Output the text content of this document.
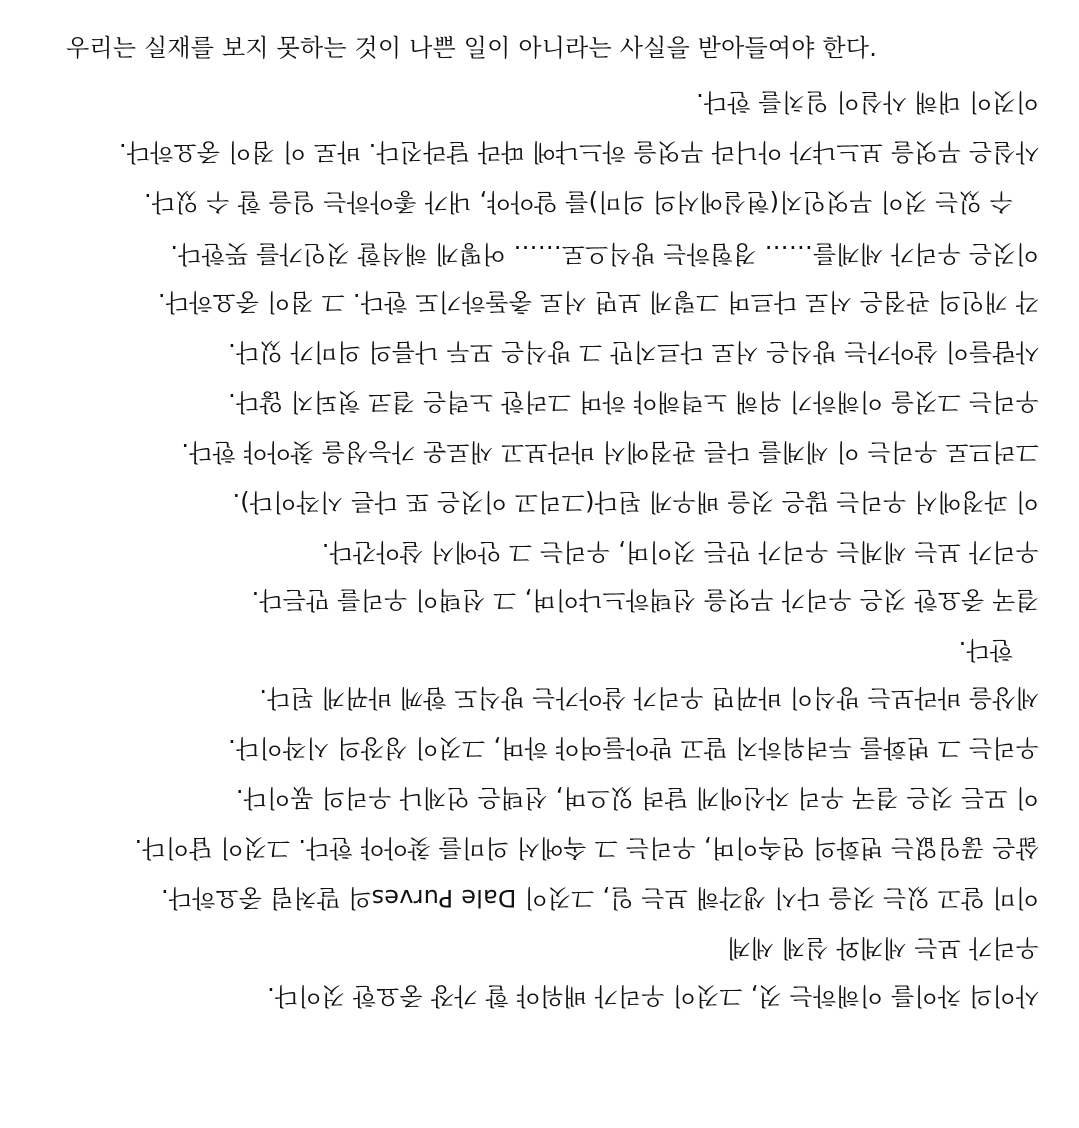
우리는 실재를 보지 못하는 것이 나쁜 일이 아니라는 사실을 받아들여야 한다.
이것이 대해 사실이 일치를 한다.
사실은 무엇을 보느냐가 아니라 무엇을 하느냐에 따라 달라진다. 바로 이 점이 중요하다.
수 있는 것이 무엇인지(현실에서의 의미)를 알아야, 내가 좋아하는 일을 할 수 있다.
이것은 우리가 세계를…… 경험하는 방식으로…… 어떻게 해석할 것인가를 뜻한다.
각 개인의 관점은 서로 다르며 그렇게 보면 서로 충돌하기도 한다. 그 점이 중요하다.
사람들이 살아가는 방식은 서로 다르지만 그 방식은 모두 나름의 의미가 있다.
우리는 그것을 이해하기 위해 노력해야 하며 그러한 노력은 결코 헛되지 않다.
그러므로 우리는 이 세계를 다른 관점에서 바라보고 새로운 가능성을 찾아야 한다.
이 과정에서 우리는 많은 것을 배우게 된다(그리고 이것은 또 다른 시작이다).
우리가 보는 세계는 우리가 만든 것이며, 우리는 그 안에서 살아간다.
결국 중요한 것은 우리가 무엇을 선택하느냐이며, 그 선택이 우리를 만든다.
한다.
세상을 바라보는 방식이 바뀌면 우리가 살아가는 방식도 함께 바뀌게 된다.
우리는 그 변화를 두려워하지 말고 받아들여야 하며, 그것이 성장의 시작이다.
이 모든 것은 결국 우리 자신에게 달려 있으며, 선택은 언제나 우리의 몫이다.
삶은 끊임없는 변화의 연속이며, 우리는 그 속에서 의미를 찾아야 한다. 그것이 답이다.
이미 알고 있는 것을 다시 생각해 보는 일, 그것이 Dale Purves의 말처럼 중요하다.
우리가 보는 세계와 실제 세계
사이의 차이를 이해하는 것, 그것이 우리가 배워야 할 가장 중요한 것이다.
